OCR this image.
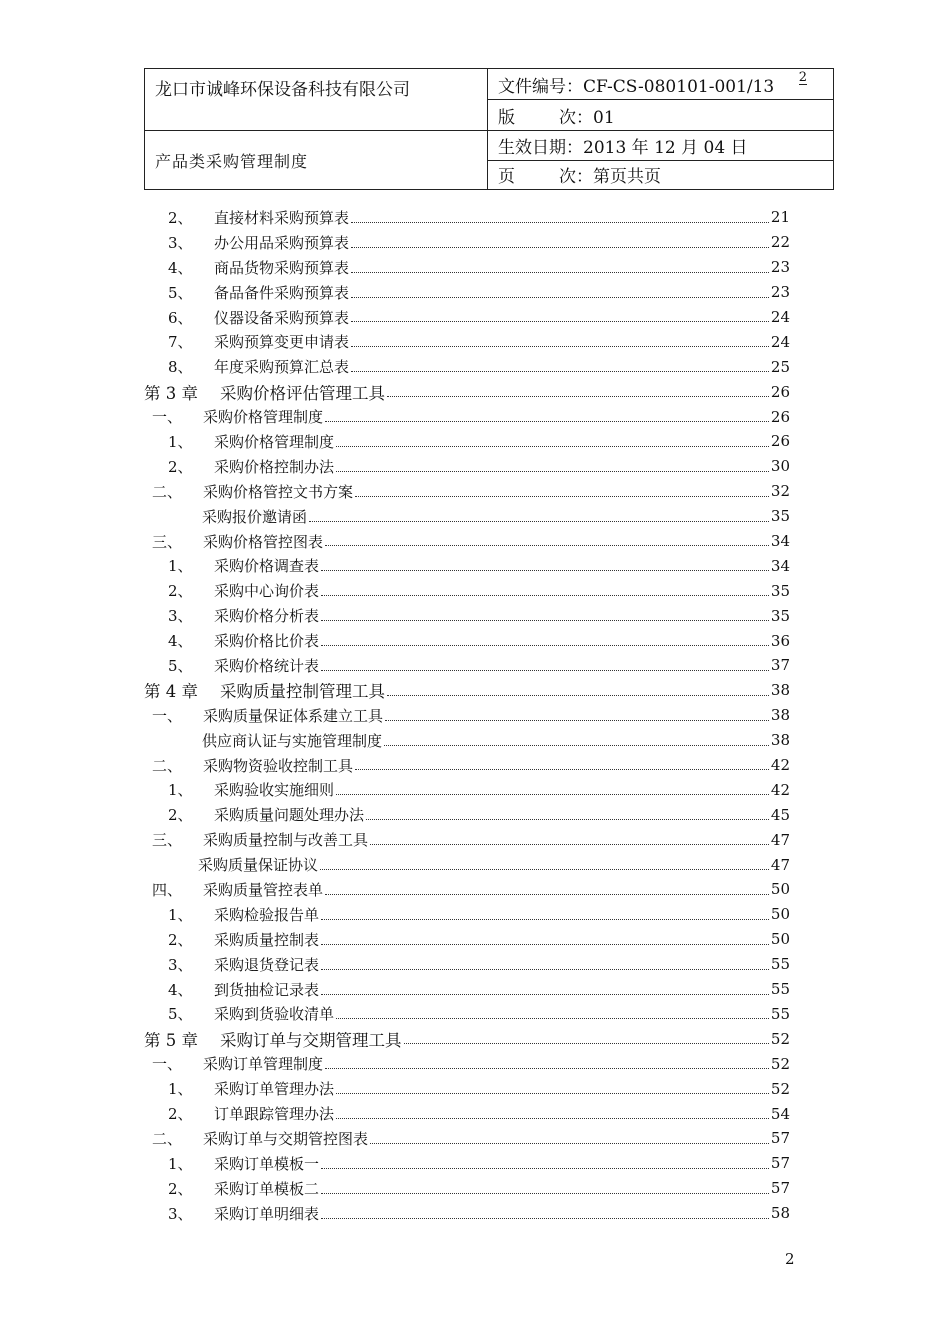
龙口市诚峰环保设备科技有限公司	文件编号：CF-CS-080101-001/13 2

	版 次：01
产品类采购管理制度	生效日期：2013 年 12 月 04 日
	页 次：第页共页
2、 直接材料采购预算表	21
3、 办公用品采购预算表	22
4、 商品货物采购预算表	23
5、 备品备件采购预算表	23
6、 仪器设备采购预算表	24
7、 采购预算变更申请表	24
8、 年度采购预算汇总表	25
第 3 章	采购价格评估管理工具	26
一、 采购价格管理制度	26
1、 采购价格管理制度	26
2、 采购价格控制办法	30
二、 采购价格管控文书方案	32
采购报价邀请函	35
三、 采购价格管控图表	34
1、 采购价格调查表	34
2、 采购中心询价表	35
3、 采购价格分析表	35
4、 采购价格比价表	36
5、 采购价格统计表	37
第 4 章	采购质量控制管理工具	38
一、 采购质量保证体系建立工具	38
供应商认证与实施管理制度	38
二、 采购物资验收控制工具	42
1、 采购验收实施细则	42
2、 采购质量问题处理办法	45
三、 采购质量控制与改善工具	47
采购质量保证协议	47
四、 采购质量管控表单	50
1、 采购检验报告单	50
2、 采购质量控制表	50
3、 采购退货登记表	55
4、 到货抽检记录表	55
5、 采购到货验收清单	55
第 5 章	采购订单与交期管理工具	52
一、 采购订单管理制度	52
1、 采购订单管理办法	52
2、 订单跟踪管理办法	54
二、 采购订单与交期管控图表	57
1、 采购订单模板一	57
2、 采购订单模板二	57
3、 采购订单明细表	58
2
